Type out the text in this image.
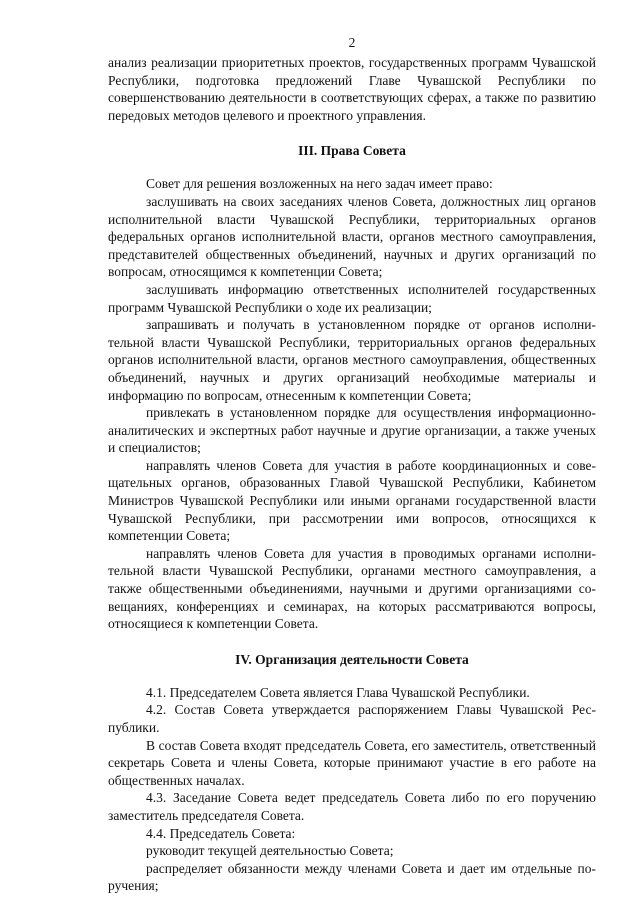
2

анализ реализации приоритетных проектов, государственных программ Чувашской Республики, подготовка предложений Главе Чувашской Республики по совершенствованию деятельности в соответствующих сферах, а также по развитию передовых методов целевого и проектного управления.

III. Права Совета

Совет для решения возложенных на него задач имеет право:

заслушивать на своих заседаниях членов Совета, должностных лиц органов исполнительной власти Чувашской Республики, территориальных органов федеральных органов исполнительной власти, органов местного самоуправления, представителей общественных объединений, научных и других организаций по вопросам, относящимся к компетенции Совета;

заслушивать информацию ответственных исполнителей государственных программ Чувашской Республики о ходе их реализации;

запрашивать и получать в установленном порядке от органов исполнительной власти Чувашской Республики, территориальных органов федеральных органов исполнительной власти, органов местного самоуправления, общественных объединений, научных и других организаций необходимые материалы и информацию по вопросам, отнесенным к компетенции Совета;

привлекать в установленном порядке для осуществления информационно-аналитических и экспертных работ научные и другие организации, а также ученых и специалистов;

направлять членов Совета для участия в работе координационных и совещательных органов, образованных Главой Чувашской Республики, Кабинетом Министров Чувашской Республики или иными органами государственной власти Чувашской Республики, при рассмотрении ими вопросов, относящихся к компетенции Совета;

направлять членов Совета для участия в проводимых органами исполнительной власти Чувашской Республики, органами местного самоуправления, а также общественными объединениями, научными и другими организациями совещаниях, конференциях и семинарах, на которых рассматриваются вопросы, относящиеся к компетенции Совета.

IV. Организация деятельности Совета

4.1. Председателем Совета является Глава Чувашской Республики.

4.2. Состав Совета утверждается распоряжением Главы Чувашской Республики.

В состав Совета входят председатель Совета, его заместитель, ответственный секретарь Совета и члены Совета, которые принимают участие в его работе на общественных началах.

4.3. Заседание Совета ведет председатель Совета либо по его поручению заместитель председателя Совета.

4.4. Председатель Совета:

руководит текущей деятельностью Совета;

распределяет обязанности между членами Совета и дает им отдельные поручения;
